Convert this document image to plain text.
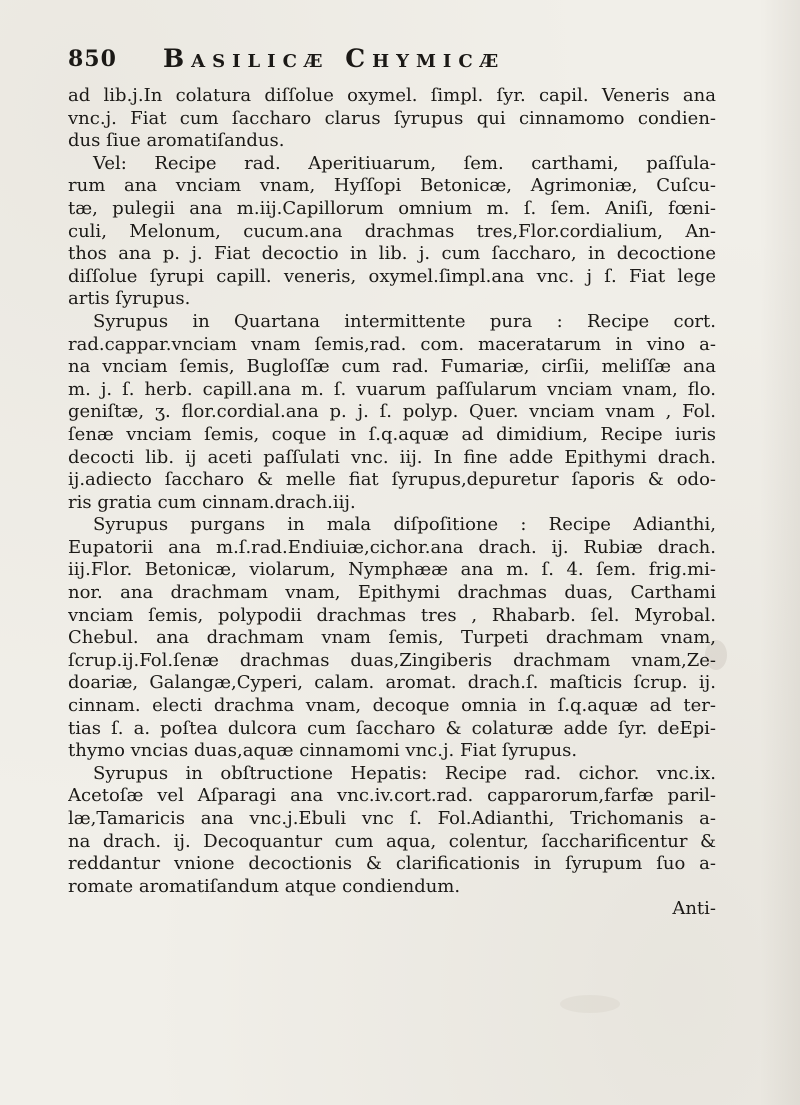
850 Basilicæ Chymicæ
ad lib.j.In colatura diſſolue oxymel. ſimpl. ſyr. capil. Veneris ana
vnc.j. Fiat cum ſaccharo clarus ſyrupus qui cinnamomo condien-
dus ſiue aromatiſandus.
Vel: Recipe rad. Aperitiuarum, ſem. carthami, paſſula-
rum ana vnciam vnam, Hyſſopi Betonicæ, Agrimoniæ, Cuſcu-
tæ, pulegii ana m.iij.Capillorum omnium m. ſ. ſem. Aniſi, fœni-
culi, Melonum, cucum.ana drachmas tres,Flor.cordialium, An-
thos ana p. j. Fiat decoctio in lib. j. cum ſaccharo, in decoctione
diſſolue ſyrupi capill. veneris, oxymel.ſimpl.ana vnc. j ſ. Fiat lege
artis ſyrupus.
Syrupus in Quartana intermittente pura : Recipe cort.
rad.cappar.vnciam vnam ſemis,rad. com. maceratarum in vino a-
na vnciam ſemis, Bugloſſæ cum rad. Fumariæ, cirſii, meliſſæ ana
m. j. ſ. herb. capill.ana m. ſ. vuarum paſſularum vnciam vnam, flo.
geniſtæ, ʒ. flor.cordial.ana p. j. ſ. polyp. Quer. vnciam vnam , Fol.
ſenæ vnciam ſemis, coque in ſ.q.aquæ ad dimidium, Recipe iuris
decocti lib. ij aceti paſſulati vnc. iij. In fine adde Epithymi drach.
ij.adiecto ſaccharo & melle fiat ſyrupus,depuretur ſaporis & odo-
ris gratia cum cinnam.drach.iij.
Syrupus purgans in mala diſpoſitione : Recipe Adianthi,
Eupatorii ana m.ſ.rad.Endiuiæ,cichor.ana drach. ij. Rubiæ drach.
iij.Flor. Betonicæ, violarum, Nymphææ ana m. ſ. 4. ſem. frig.mi-
nor. ana drachmam vnam, Epithymi drachmas duas, Carthami
vnciam ſemis, polypodii drachmas tres , Rhabarb. ſel. Myrobal.
Chebul. ana drachmam vnam ſemis, Turpeti drachmam vnam,
ſcrup.ij.Fol.ſenæ drachmas duas,Zingiberis drachmam vnam,Ze-
doariæ, Galangæ,Cyperi, calam. aromat. drach.ſ. maſticis ſcrup. ij.
cinnam. electi drachma vnam, decoque omnia in ſ.q.aquæ ad ter-
tias ſ. a. poſtea dulcora cum ſaccharo & colaturæ adde ſyr. deEpi-
thymo vncias duas,aquæ cinnamomi vnc.j. Fiat ſyrupus.
Syrupus in obſtructione Hepatis: Recipe rad. cichor. vnc.ix.
Acetoſæ vel Aſparagi ana vnc.iv.cort.rad. capparorum,farfæ paril-
læ,Tamaricis ana vnc.j.Ebuli vnc ſ. Fol.Adianthi, Trichomanis a-
na drach. ij. Decoquantur cum aqua, colentur, ſaccharificentur &
reddantur vnione decoctionis & clarificationis in ſyrupum ſuo a-
romate aromatiſandum atque condiendum.
Anti-
